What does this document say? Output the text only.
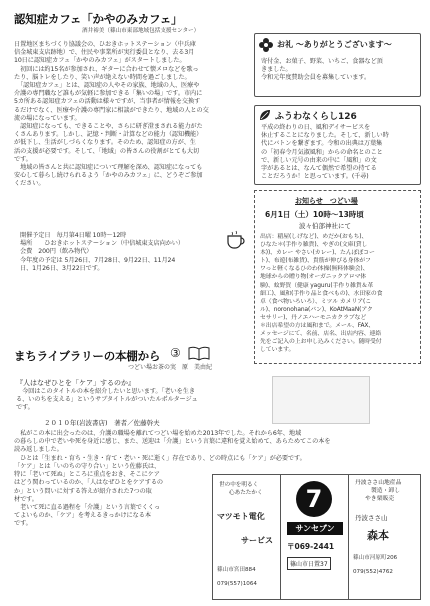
認知症カフェ「かやのみカフェ」
酒井裕美（篠山市東部地域包括支援センター）
日置地区まちづくり協議会の、ひおきホットステーション（中兵庫
信金城東支店跡地）で、住民や事業所が実行委員となり、去る3月
10日に認知症カフェ「かやのみカフェ」がスタートしました。
　初回には約15名が参加され、ギターに合わせて懐メロなどを歌っ
たり、脳トレをしたり、笑い声が絶えない時間を過ごしました。
　「認知症カフェ」とは、認知症の人やその家族、地域の人、医療や
介護の専門職など誰もが気軽に参加できる「集いの場」です。市内に
5カ所ある認知症カフェの活動は様々ですが、当事者が情報を交換す
るだけでなく、医療や介護の専門家に相談ができたり、地域の人との交
流の場になっています。
　認知症になっても、できることや、さらに研ぎ澄まされる能力がた
くさんあります。しかし、記憶・判断・計算などの能力（認知機能）
が低下し、生活がしづらくなります。そのため、認知症の方が、生
活の支援が必要です。そして、「地域」の皆さんの役割がとても大切
です。
　地域の皆さんと共に認知症について理解を深め、認知症になっても
安心して暮らし続けられるよう「かやのみカフェ」に、どうぞご参加
ください。
開催予定日　毎月第4日曜 10時～12時
場所　　ひおきホットステーション（中信城東支店向かい）
会費　200円（飲み物代）
今年度の予定は 5月26日、7月28日、9月22日、11月24
日、1月26日、3月22日です。
お礼 ～ありがとうございます～
寄付金、お菓子、野菜、いちご、食器など頂
きました。
令和元年度賛助会員を募集しています。
ふうわなくらし126
平成の終わりの日、風和デイサービスを
休止することになりました。そして、新しい時
代にバトンを繋ぎます。令和の出典は万葉集
の「初春令月気淑風和」からの命名とのこと
で、新しい元号の由来の中に「風和」の文
字があるとは、なんて偶然で希望の持てる
ことだろうか！と思っています。(千尋)
お知らせ　つどい場
6月1日（土）10時～13時頃
波々伯部神社にて
出店：稲屋(しげなど)、めだか(おもち)、
ひなた＊(手作り雑貨)、やぎの(文庫(貸し
本))、カレー やさい(カレー)、たんぽぽコー
ト)、布遊(布雑貨)、貴筋が伸びる身体がフ
ワっと軽くなるひのわ体操(無料体験会)、
地球からの贈り物(オーガニックアロマ体
験)、蚊野賀（健康 yaguru(手作り雑貨＆革
細工)、風和(手作り品と食べもの)、水田家の食
卓（食べ物いろいろ）、ミツル カメリア(こ
ル)、noronohana(パン)、KoAtMaaN(アク
セサリー)、丹ノエハーモニカクラブなど
＊出店希望の方は風和まで。メール、FAX、
メッセージにて、名前、店名、出店内容、連絡
先をご記入の上お申し込みください。随時受付
しています。
まちライブラリーの本棚から ③
つどい場お茶の実　原　美由紀
『人はなぜひとを「ケア」するのか』
　今回はこのタイトルの本を紹介したいと思います。「老いを生き
る、いのちを支える」というサブタイトルがついたルポルタージュ
です。
２０１０年(岩波書店)　著者／佐藤幹夫
　私がこの本に出会ったのは、介護の職場を離れてつどい場を始めた2013年でした。それから6年、地域
の暮らしの中で老いや死を身近に感じ、また、送迎は「介護」という言葉に違和を覚え始めて、あらためてこの本を
読み返しました。
　ひとは「生まれ・育ち・生き・育て・老い・死に逝く」存在であり、どの時点にも「ケア」が必要です。
「ケア」とは「いのちの守り合い」という佐藤氏は、
特に「老いて死ぬ」ところに重点をおき、そこにケア
はどう関わっているのか、「人はなぜひとをケアするの
か」という問いに対する答えが紹介された7つの取
材です。
　老いて死に直る過程を「介護」という言葉でくくっ
てよいものか、「ケア」を考えるきっかけになる本
です。
世の中を明るく
心あたたかく
マツモト電化
サービス
篠山市宮田884
079(557)1064
7
サンセブン
〒069-2441
篠山市日置37
丹波ささ山地産品
製造・卸し
やき栗販売
丹波ささ山
森本
篠山市河原町206
079(552)4762
